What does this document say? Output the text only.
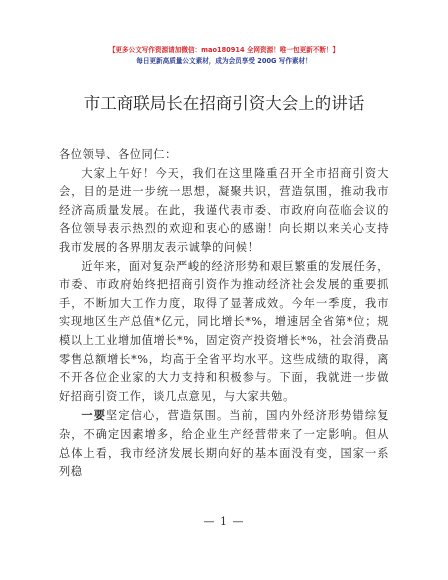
【更多公文写作资源请加微信：mao180914 全网资源！唯一包更新不断！】
每日更新高质量公文素材，成为会员享受 200G 写作素材！
市工商联局长在招商引资大会上的讲话

各位领导、各位同仁：

大家上午好！今天，我们在这里隆重召开全市招商引资大会，目的是进一步统一思想，凝聚共识，营造氛围，推动我市经济高质量发展。在此，我谨代表市委、市政府向莅临会议的各位领导表示热烈的欢迎和衷心的感谢！向长期以来关心支持我市发展的各界朋友表示诚挚的问候！

近年来，面对复杂严峻的经济形势和艰巨繁重的发展任务，市委、市政府始终把招商引资作为推动经济社会发展的重要抓手，不断加大工作力度，取得了显著成效。今年一季度，我市实现地区生产总值*亿元，同比增长*%，增速居全省第*位；规模以上工业增加值增长*%，固定资产投资增长*%，社会消费品零售总额增长*%，均高于全省平均水平。这些成绩的取得，离不开各位企业家的大力支持和积极参与。下面，我就进一步做好招商引资工作，谈几点意见，与大家共勉。

一要坚定信心，营造氛围。当前，国内外经济形势错综复杂，不确定因素增多，给企业生产经营带来了一定影响。但从总体上看，我市经济发展长期向好的基本面没有变，国家一系列稳

— 1 —
